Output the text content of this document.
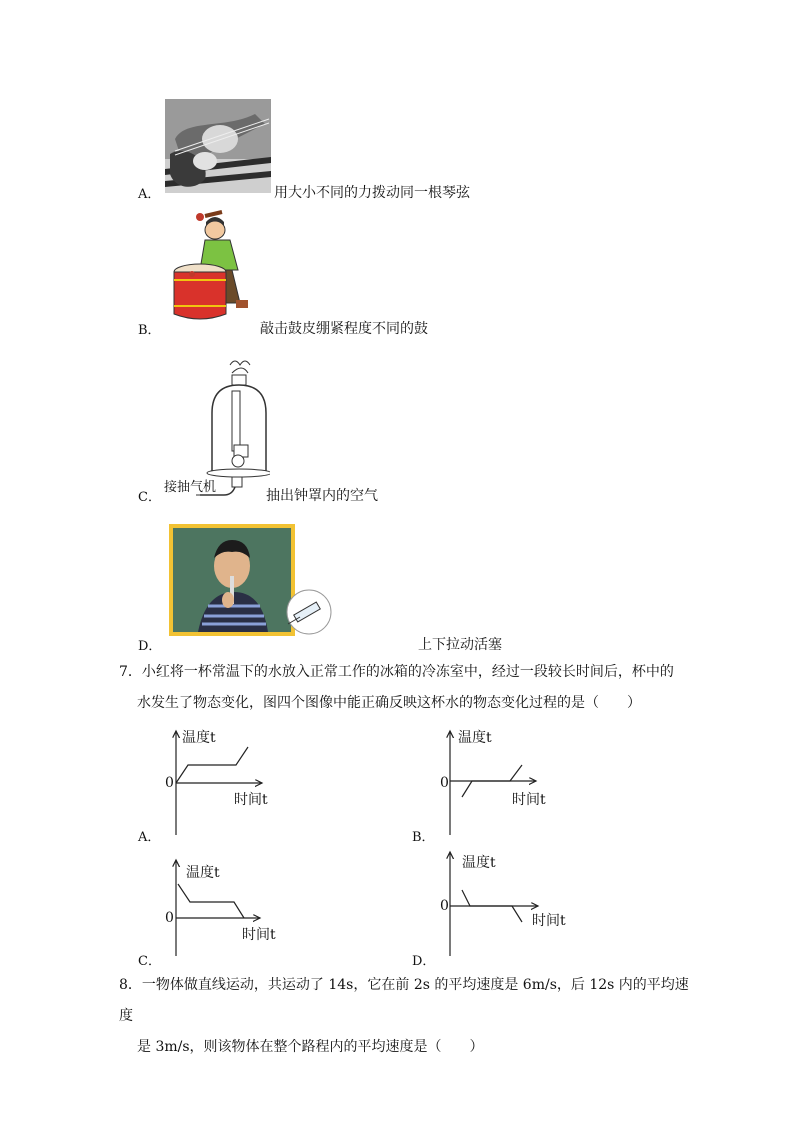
A．	用大小不同的力拨动同一根琴弦
B．	敲击鼓皮绷紧程度不同的鼓
接抽气机
C．	抽出钟罩内的空气
D．	上下拉动活塞
7．小红将一杯常温下的水放入正常工作的冰箱的冷冻室中，经过一段较长时间后，杯中的
水发生了物态变化，图四个图像中能正确反映这杯水的物态变化过程的是（　　）
温度t
0
时间t
A．
温度t
0
时间t
B．
温度t
0
时间t
C．
温度t
0
时间t
D．
8．一物体做直线运动，共运动了 14s，它在前 2s 的平均速度是 6m/s，后 12s 内的平均速度
是 3m/s，则该物体在整个路程内的平均速度是（　　）
